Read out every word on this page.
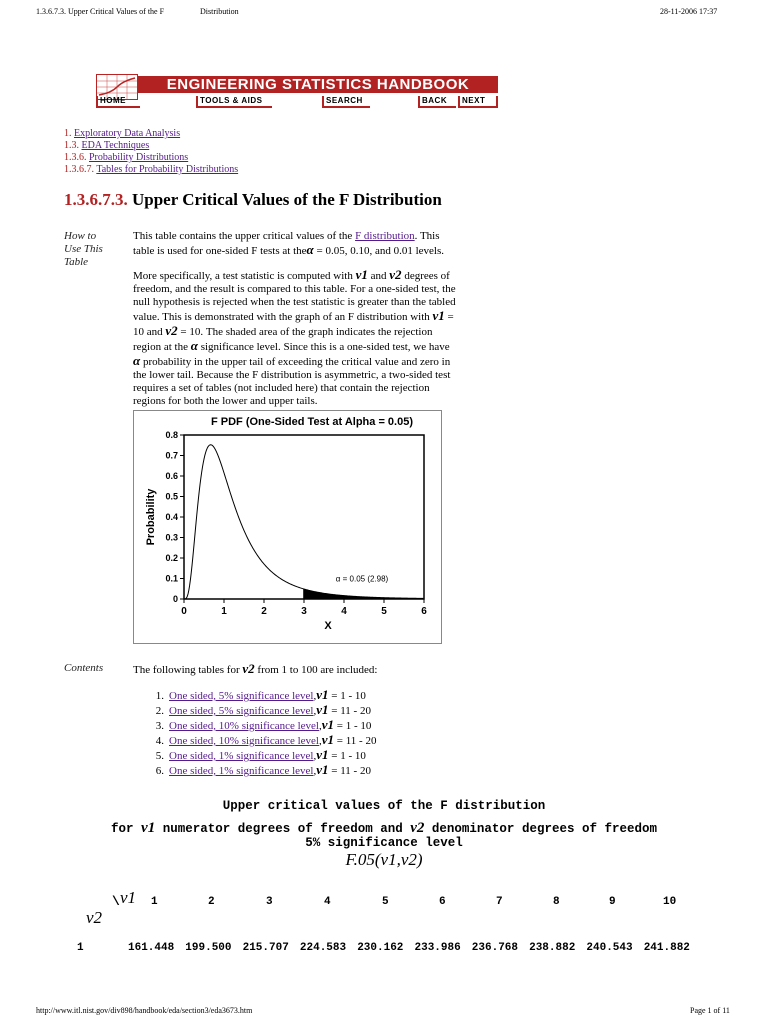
1.3.6.7.3. Upper Critical Values of the F	Distribution	28-11-2006 17:37
ENGINEERING STATISTICS HANDBOOK
HOME	TOOLS & AIDS	SEARCH	BACK	NEXT
1. Exploratory Data Analysis
1.3. EDA Techniques
1.3.6. Probability Distributions
1.3.6.7. Tables for Probability Distributions
1.3.6.7.3. Upper Critical Values of the F Distribution
How to
Use This
Table
This table contains the upper critical values of the F distribution. This
table is used for one-sided F tests at theα = 0.05, 0.10, and 0.01 levels.
More specifically, a test statistic is computed with ν1 and ν2 degrees of
freedom, and the result is compared to this table. For a one-sided test, the
null hypothesis is rejected when the test statistic is greater than the tabled
value. This is demonstrated with the graph of an F distribution with ν1 =
10 and ν2 = 10. The shaded area of the graph indicates the rejection
region at the α significance level. Since this is a one-sided test, we have
α probability in the upper tail of exceeding the critical value and zero in
the lower tail. Because the F distribution is asymmetric, a two-sided test
requires a set of tables (not included here) that contain the rejection
regions for both the lower and upper tails.
F PDF (One-Sided Test at Alpha = 0.05)
0	1	2	3	4	5	6
0
0.1
0.2
0.3
0.4
0.5
0.6
0.7
0.8
X
Probability
α = 0.05 (2.98)
Contents	The following tables for ν2 from 1 to 100 are included:
1. One sided, 5% significance level,ν1 = 1 - 10
2. One sided, 5% significance level,ν1 = 11 - 20
3. One sided, 10% significance level,ν1 = 1 - 10
4. One sided, 10% significance level,ν1 = 11 - 20
5. One sided, 1% significance level,ν1 = 1 - 10
6. One sided, 1% significance level,ν1 = 11 - 20
Upper critical values of the F distribution
for ν1 numerator degrees of freedom and ν2 denominator degrees of freedom
5% significance level
F.05(ν1,ν2)
\ ν1
ν2
1	2	3	4	5	6	7	8	9	10
1	161.448 199.500 215.707 224.583 230.162 233.986 236.768 238.882 240.543 241.882
http://www.itl.nist.gov/div898/handbook/eda/section3/eda3673.htm	Page 1 of 11
